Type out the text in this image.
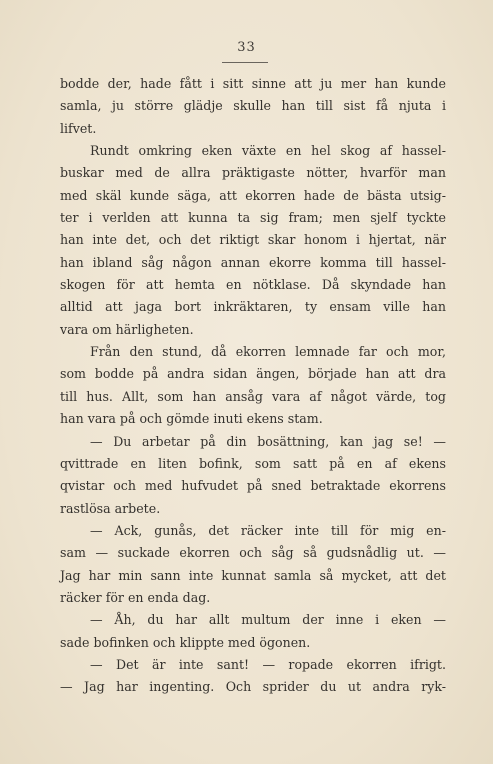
33
bodde der, hade fått i sitt sinne att ju mer han kunde
samla, ju större glädje skulle han till sist få njuta i
lifvet.
Rundt omkring eken växte en hel skog af hassel-
buskar med de allra präktigaste nötter, hvarför man
med skäl kunde säga, att ekorren hade de bästa utsig-
ter i verlden att kunna ta sig fram; men sjelf tyckte
han inte det, och det riktigt skar honom i hjertat, när
han ibland såg någon annan ekorre komma till hassel-
skogen för att hemta en nötklase. Då skyndade han
alltid att jaga bort inkräktaren, ty ensam ville han
vara om härligheten.
Från den stund, då ekorren lemnade far och mor,
som bodde på andra sidan ängen, började han att dra
till hus. Allt, som han ansåg vara af något värde, tog
han vara på och gömde inuti ekens stam.
— Du arbetar på din bosättning, kan jag se! —
qvittrade en liten bofink, som satt på en af ekens
qvistar och med hufvudet på sned betraktade ekorrens
rastlösa arbete.
— Ack, gunås, det räcker inte till för mig en-
sam — suckade ekorren och såg så gudsnådlig ut. —
Jag har min sann inte kunnat samla så mycket, att det
räcker för en enda dag.
— Åh, du har allt multum der inne i eken —
sade bofinken och klippte med ögonen.
— Det är inte sant! — ropade ekorren ifrigt.
— Jag har ingenting. Och sprider du ut andra ryk-
